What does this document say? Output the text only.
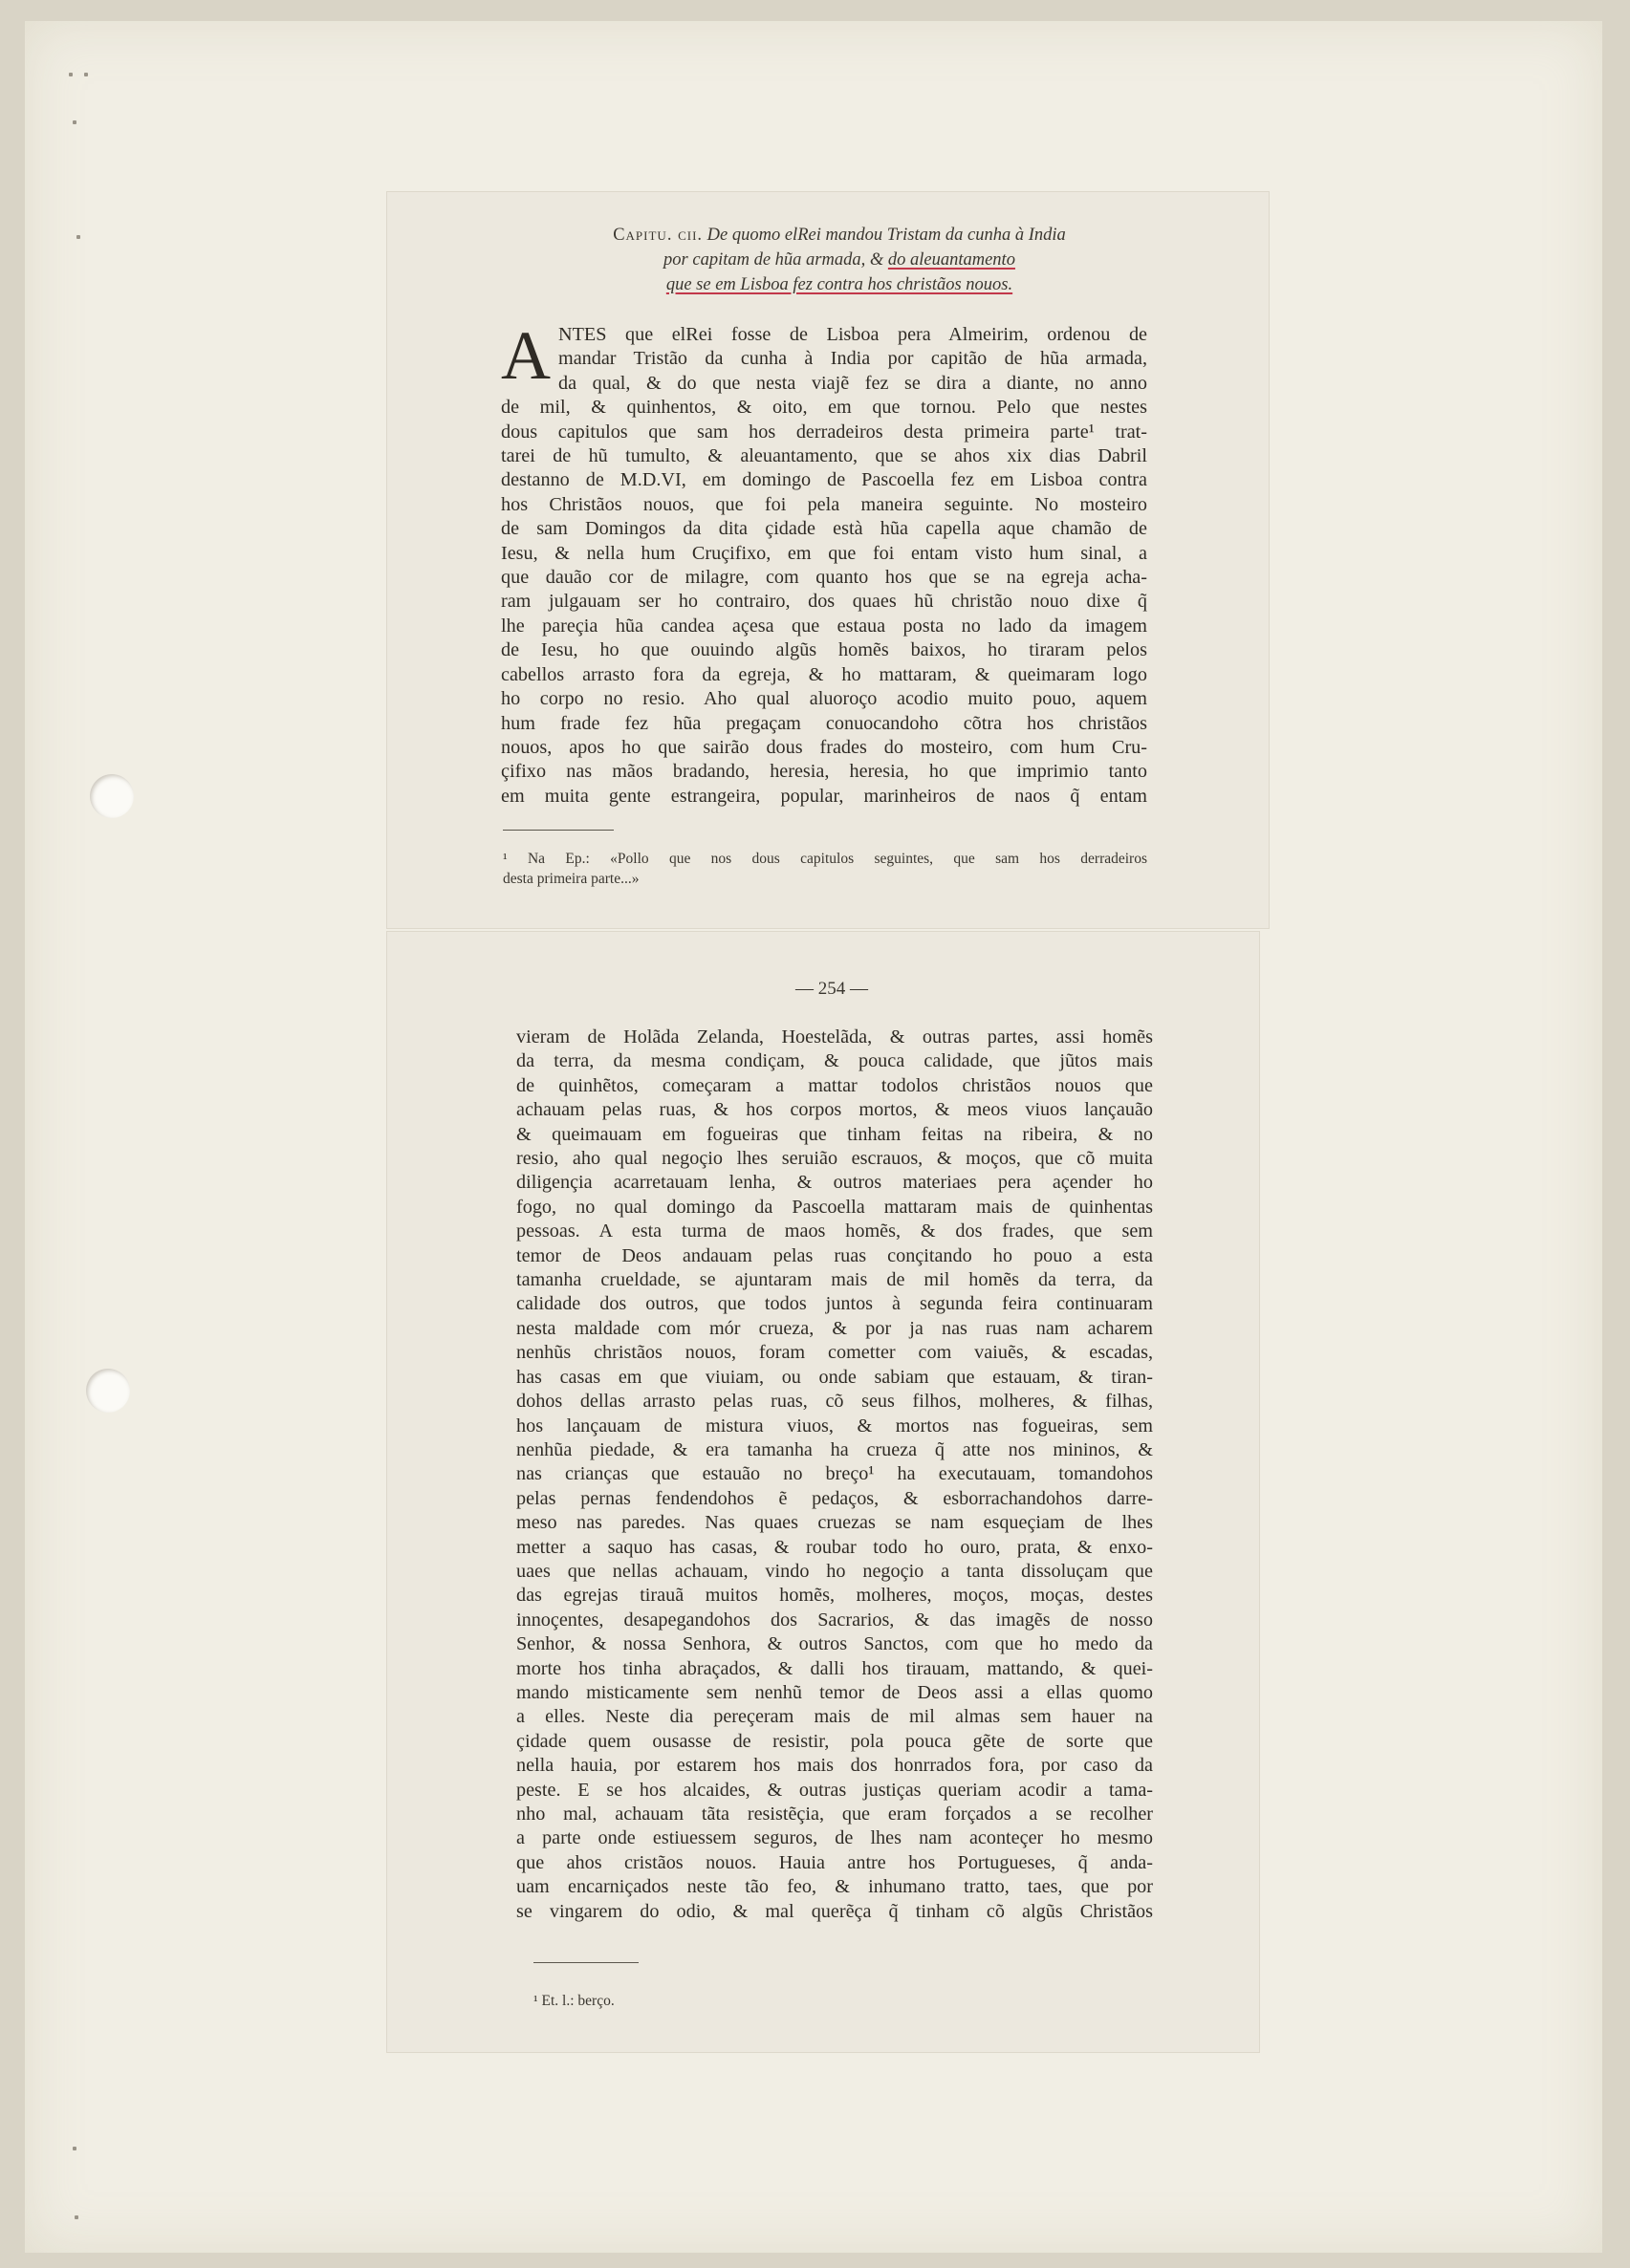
Capitu. cii. De quomo elRei mandou Tristam da cunha à India
por capitam de hũa armada, & do aleuantamento
que se em Lisboa fez contra hos christãos nouos.
A NTES que elRei fosse de Lisboa pera Almeirim, ordenou de
mandar Tristão da cunha à India por capitão de hũa armada,
da qual, & do que nesta viajẽ fez se dira a diante, no anno
de mil, & quinhentos, & oito, em que tornou. Pelo que nestes
dous capitulos que sam hos derradeiros desta primeira parte¹ trat-
tarei de hũ tumulto, & aleuantamento, que se ahos xix dias Dabril
destanno de M.D.VI, em domingo de Pascoella fez em Lisboa contra
hos Christãos nouos, que foi pela maneira seguinte. No mosteiro
de sam Domingos da dita çidade està hũa capella aque chamão de
Iesu, & nella hum Cruçifixo, em que foi entam visto hum sinal, a
que dauão cor de milagre, com quanto hos que se na egreja acha-
ram julgauam ser ho contrairo, dos quaes hũ christão nouo dixe q̃
lhe pareçia hũa candea açesa que estaua posta no lado da imagem
de Iesu, ho que ouuindo algũs homẽs baixos, ho tiraram pelos
cabellos arrasto fora da egreja, & ho mattaram, & queimaram logo
ho corpo no resio. Aho qual aluoroço acodio muito pouo, aquem
hum frade fez hũa pregaçam conuocandoho cõtra hos christãos
nouos, apos ho que sairão dous frades do mosteiro, com hum Cru-
çifixo nas mãos bradando, heresia, heresia, ho que imprimio tanto
em muita gente estrangeira, popular, marinheiros de naos q̃ entam
¹ Na Ep.: «Pollo que nos dous capitulos seguintes, que sam hos derradeiros
desta primeira parte...»
— 254 —
vieram de Holãda Zelanda, Hoestelãda, & outras partes, assi homẽs
da terra, da mesma condiçam, & pouca calidade, que jũtos mais
de quinhẽtos, começaram a mattar todolos christãos nouos que
achauam pelas ruas, & hos corpos mortos, & meos viuos lançauão
& queimauam em fogueiras que tinham feitas na ribeira, & no
resio, aho qual negoçio lhes seruião escrauos, & moços, que cõ muita
diligençia acarretauam lenha, & outros materiaes pera açender ho
fogo, no qual domingo da Pascoella mattaram mais de quinhentas
pessoas. A esta turma de maos homẽs, & dos frades, que sem
temor de Deos andauam pelas ruas conçitando ho pouo a esta
tamanha crueldade, se ajuntaram mais de mil homẽs da terra, da
calidade dos outros, que todos juntos à segunda feira continuaram
nesta maldade com mór crueza, & por ja nas ruas nam acharem
nenhũs christãos nouos, foram cometter com vaiuẽs, & escadas,
has casas em que viuiam, ou onde sabiam que estauam, & tiran-
dohos dellas arrasto pelas ruas, cõ seus filhos, molheres, & filhas,
hos lançauam de mistura viuos, & mortos nas fogueiras, sem
nenhũa piedade, & era tamanha ha crueza q̃ atte nos mininos, &
nas crianças que estauão no breço¹ ha executauam, tomandohos
pelas pernas fendendohos ẽ pedaços, & esborrachandohos darre-
meso nas paredes. Nas quaes cruezas se nam esqueçiam de lhes
metter a saquo has casas, & roubar todo ho ouro, prata, & enxo-
uaes que nellas achauam, vindo ho negoçio a tanta dissoluçam que
das egrejas tirauã muitos homẽs, molheres, moços, moças, destes
innoçentes, desapegandohos dos Sacrarios, & das imagẽs de nosso
Senhor, & nossa Senhora, & outros Sanctos, com que ho medo da
morte hos tinha abraçados, & dalli hos tirauam, mattando, & quei-
mando misticamente sem nenhũ temor de Deos assi a ellas quomo
a elles. Neste dia pereçeram mais de mil almas sem hauer na
çidade quem ousasse de resistir, pola pouca gẽte de sorte que
nella hauia, por estarem hos mais dos honrrados fora, por caso da
peste. E se hos alcaides, & outras justiças queriam acodir a tama-
nho mal, achauam tãta resistẽçia, que eram forçados a se recolher
a parte onde estiuessem seguros, de lhes nam aconteçer ho mesmo
que ahos cristãos nouos. Hauia antre hos Portugueses, q̃ anda-
uam encarniçados neste tão feo, & inhumano tratto, taes, que por
se vingarem do odio, & mal querẽça q̃ tinham cõ algũs Christãos
¹ Et. l.: berço.
